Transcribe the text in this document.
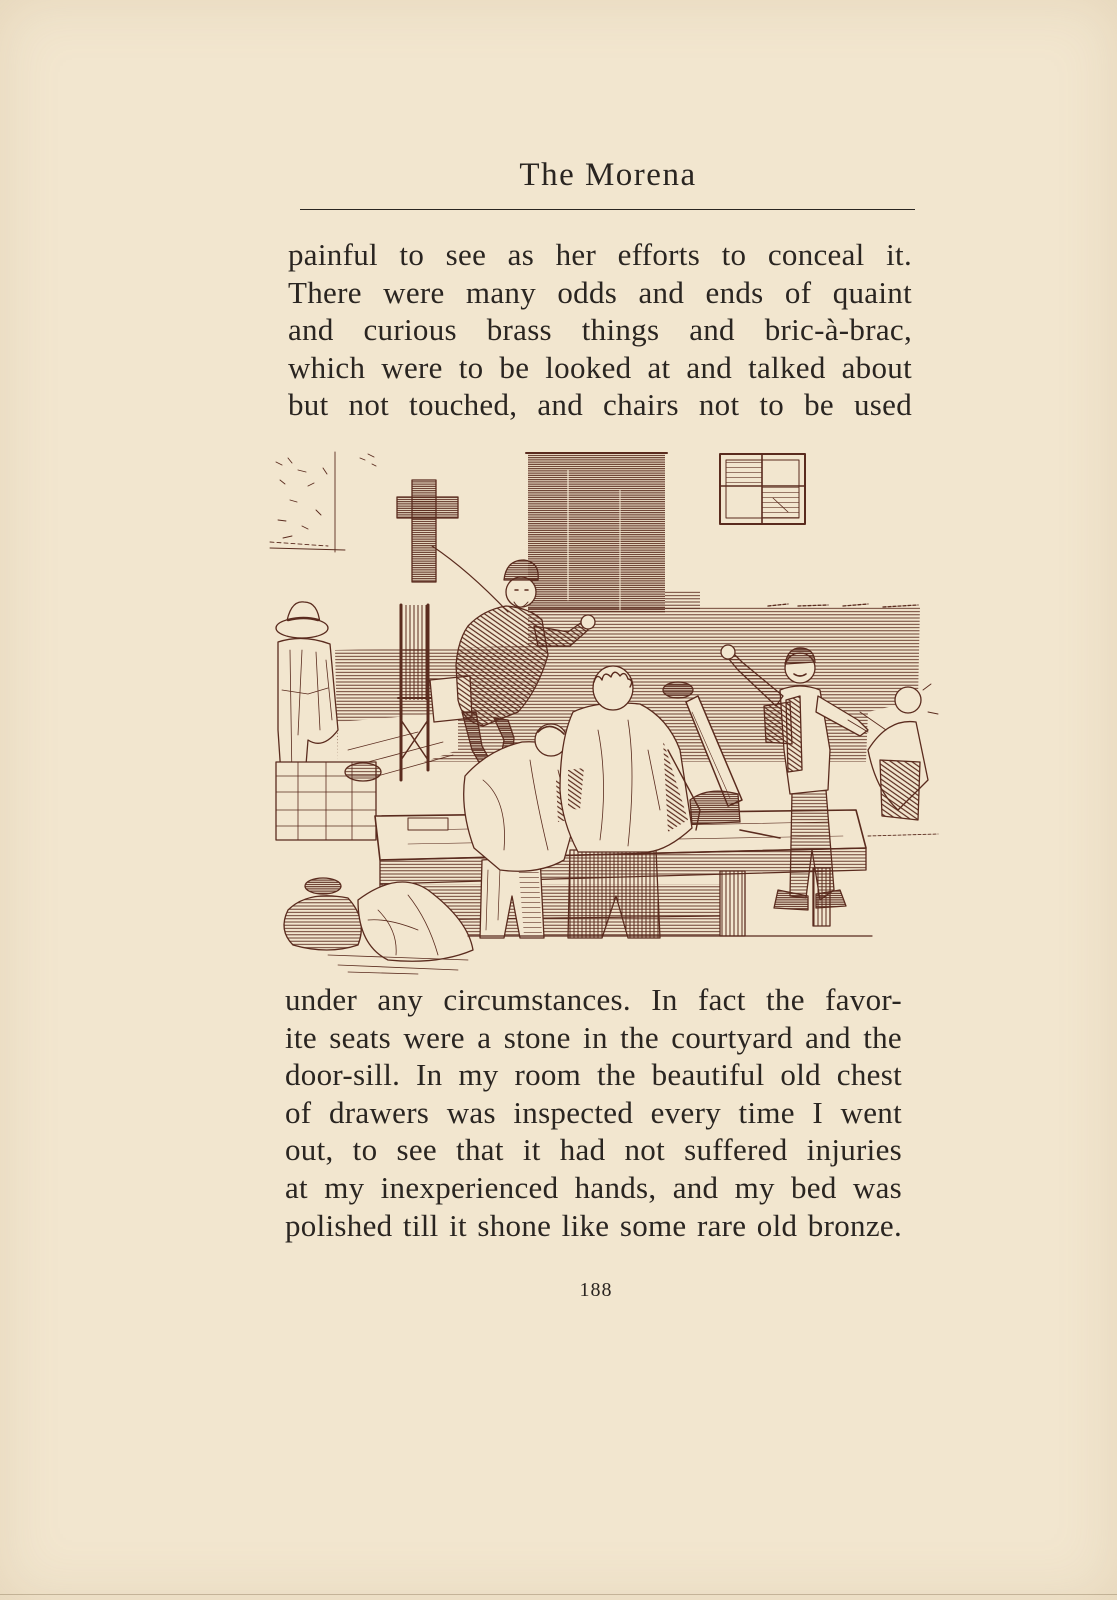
The Morena
painful to see as her efforts to conceal it.
There were many odds and ends of quaint
and curious brass things and bric-à-brac,
which were to be looked at and talked about
but not touched, and chairs not to be used
under any circumstances. In fact the favor-
ite seats were a stone in the courtyard and the
door-sill. In my room the beautiful old chest
of drawers was inspected every time I went
out, to see that it had not suffered injuries
at my inexperienced hands, and my bed was
polished till it shone like some rare old bronze.
188
